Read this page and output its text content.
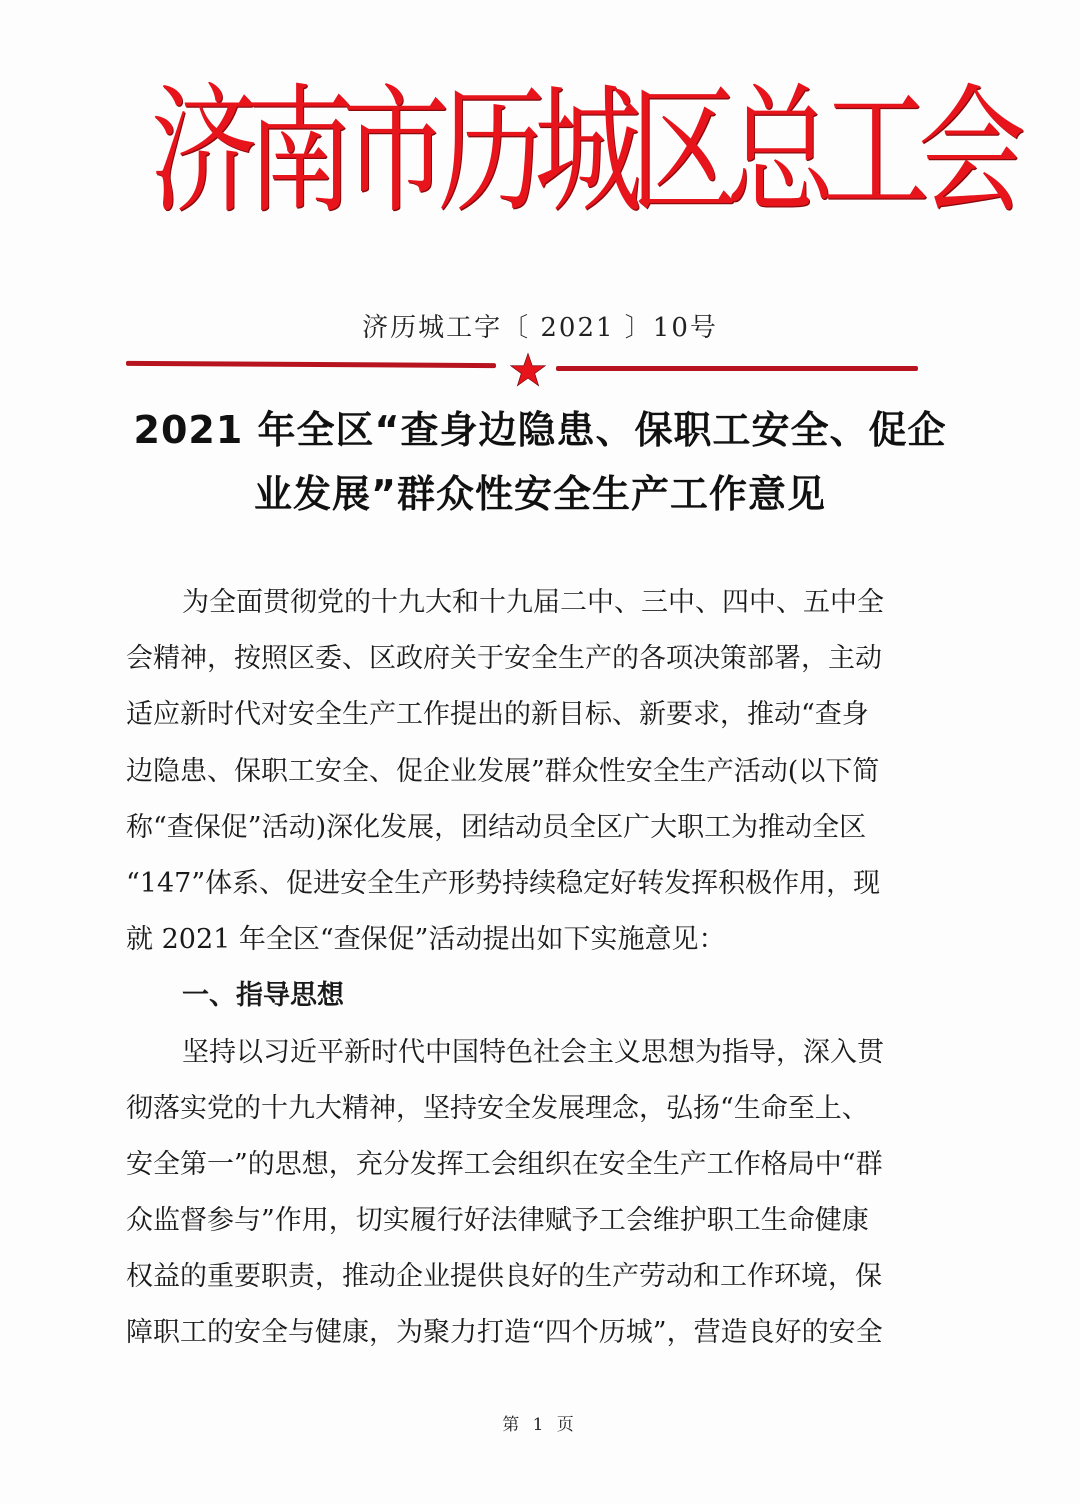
济
南
市
历
城
区
总
工
会
济历城工字〔 2021 〕10号
2021 年全区“查身边隐患、保职工安全、促企
业发展”群众性安全生产工作意见
为全面贯彻党的十九大和十九届二中、三中、四中、五中全
会精神，按照区委、区政府关于安全生产的各项决策部署，主动
适应新时代对安全生产工作提出的新目标、新要求，推动“查身
边隐患、保职工安全、促企业发展”群众性安全生产活动(以下简
称“查保促”活动)深化发展，团结动员全区广大职工为推动全区
“147”体系、促进安全生产形势持续稳定好转发挥积极作用，现
就 2021 年全区“查保促”活动提出如下实施意见：
一、指导思想
坚持以习近平新时代中国特色社会主义思想为指导，深入贯
彻落实党的十九大精神，坚持安全发展理念，弘扬“生命至上、
安全第一”的思想，充分发挥工会组织在安全生产工作格局中“群
众监督参与”作用，切实履行好法律赋予工会维护职工生命健康
权益的重要职责，推动企业提供良好的生产劳动和工作环境，保
障职工的安全与健康，为聚力打造“四个历城”，营造良好的安全
第 1 页
